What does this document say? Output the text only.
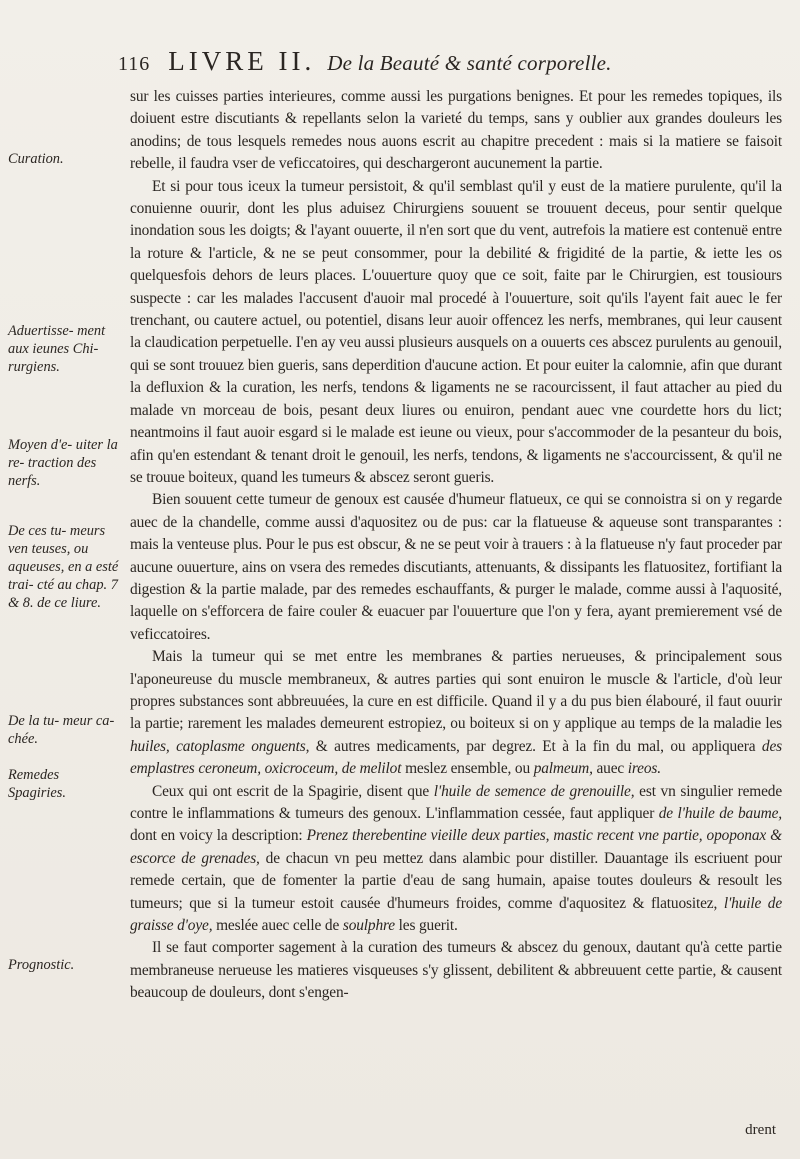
116 LIVRE II. De la Beauté & santé corporelle.
Curation.
Aduertisse- ment aux ieunes Chi- rurgiens.
Moyen d'e- uiter la re- traction des nerfs.
De ces tu- meurs ven teuses, ou aqueuses, en a esté trai- cté au chap. 7 & 8. de ce liure.
De la tu- meur ca- chée.
Remedes Spagiries.
Prognostic.

sur les cuisses parties interieures, comme aussi les purgations benignes. Et pour les remedes topiques, ils doiuent estre discutiants & repellants selon la varieté du temps, sans y oublier aux grandes douleurs les anodins; de tous lesquels remedes nous auons escrit au chapitre precedent : mais si la matiere se faisoit rebelle, il faudra vser de veficcatoires, qui deschargeront aucunement la partie.

Et si pour tous iceux la tumeur persistoit, & qu'il semblast qu'il y eust de la matiere purulente, qu'il la conuienne ouurir, dont les plus aduisez Chirurgiens souuent se trouuent deceus, pour sentir quelque inondation sous les doigts; & l'ayant ouuerte, il n'en sort que du vent, autrefois la matiere est contenuë entre la roture & l'article, & ne se peut consommer, pour la debilité & frigidité de la partie, & iette les os quelquesfois dehors de leurs places. L'ouuerture quoy que ce soit, faite par le Chirurgien, est tousiours suspecte : car les malades l'accusent d'auoir mal procedé à l'ouuerture, soit qu'ils l'ayent fait auec le fer trenchant, ou cautere actuel, ou potentiel, disans leur auoir offencez les nerfs, membranes, qui leur causent la claudication perpetuelle. I'en ay veu aussi plusieurs ausquels on a ouuerts ces abscez purulents au genouil, qui se sont trouuez bien gueris, sans deperdition d'aucune action. Et pour euiter la calomnie, afin que durant la defluxion & la curation, les nerfs, tendons & ligaments ne se racourcissent, il faut attacher au pied du malade vn morceau de bois, pesant deux liures ou enuiron, pendant auec vne courdette hors du lict; neantmoins il faut auoir esgard si le malade est ieune ou vieux, pour s'accommoder de la pesanteur du bois, afin qu'en estendant & tenant droit le genouil, les nerfs, tendons, & ligaments ne s'accourcissent, & qu'il ne se trouue boiteux, quand les tumeurs & abscez seront gueris.

Bien souuent cette tumeur de genoux est causée d'humeur flatueux, ce qui se connoistra si on y regarde auec de la chandelle, comme aussi d'aquositez ou de pus: car la flatueuse & aqueuse sont transparantes : mais la venteuse plus. Pour le pus est obscur, & ne se peut voir à trauers : à la flatueuse n'y faut proceder par aucune ouuerture, ains on vsera des remedes discutiants, attenuants, & dissipants les flatuositez, fortifiant la digestion & la partie malade, par des remedes eschauffants, & purger le malade, comme aussi à l'aquosité, laquelle on s'efforcera de faire couler & euacuer par l'ouuerture que l'on y fera, ayant premierement vsé de veficcatoires.

Mais la tumeur qui se met entre les membranes & parties nerueuses, & principalement sous l'aponeureuse du muscle membraneux, & autres parties qui sont enuiron le muscle & l'article, d'où leur propres substances sont abbreuuées, la cure en est difficile. Quand il y a du pus bien élabouré, il faut ouurir la partie; rarement les malades demeurent estropiez, ou boiteux si on y applique au temps de la maladie les huiles, catoplasme onguents, & autres medicaments, par degrez. Et à la fin du mal, ou appliquera des emplastres ceroneum, oxicroceum, de melilot meslez ensemble, ou palmeum, auec ireos.

Ceux qui ont escrit de la Spagirie, disent que l'huile de semence de grenouille, est vn singulier remede contre le inflammations & tumeurs des genoux. L'inflammation cessée, faut appliquer de l'huile de baume, dont en voicy la description: Prenez therebentine vieille deux parties, mastic recent vne partie, opoponax & escorce de grenades, de chacun vn peu mettez dans alambic pour distiller. Dauantage ils escriuent pour remede certain, que de fomenter la partie d'eau de sang humain, apaise toutes douleurs & resoult les tumeurs; que si la tumeur estoit causée d'humeurs froides, comme d'aquositez & flatuositez, l'huile de graisse d'oye, meslée auec celle de soulphre les guerit.

Il se faut comporter sagement à la curation des tumeurs & abscez du genoux, dautant qu'à cette partie membraneuse nerueuse les matieres visqueuses s'y glissent, debilitent & abbreuuent cette partie, & causent beaucoup de douleurs, dont s'engen-

drent
